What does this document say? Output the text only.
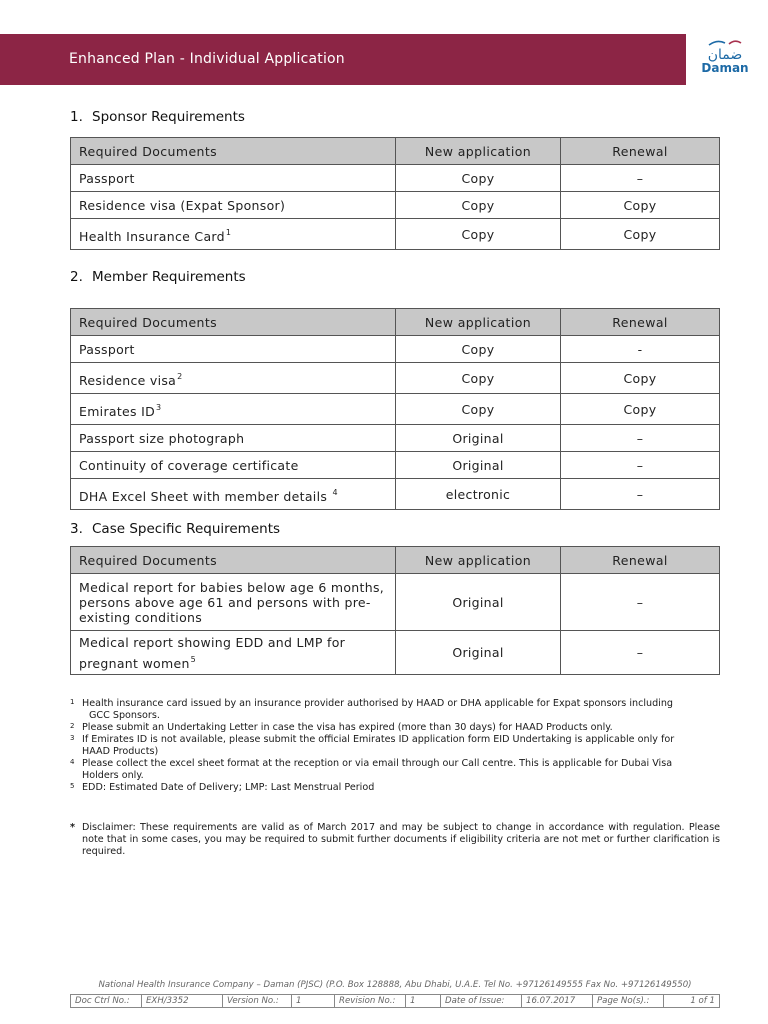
Enhanced Plan - Individual Application	ضمان
Daman
1. Sponsor Requirements
Required Documents	New application	Renewal
Passport	Copy	–
Residence visa (Expat Sponsor)	Copy	Copy
Health Insurance Card$^1$	Copy	Copy
2. Member Requirements
Required Documents	New application	Renewal
Passport	Copy	-
Residence visa$^2$	Copy	Copy
Emirates $ID^3$	Copy	Copy
Passport size photograph	Original	–
Continuity of coverage certificate	Original	–
DHA Excel Sheet with member details $^4$	electronic	–
3. Case Specific Requirements
Required Documents	New application	Renewal
Medical report for babies below age 6 months, persons above age 61 and persons with pre-existing conditions	Original	–
Medical report showing EDD and LMP for pregnant women$^5$	Original	–
1 Health insurance card issued by an insurance provider authorised by HAAD or DHA applicable for Expat sponsors including
GCC Sponsors.
2 Please submit an Undertaking Letter in case the visa has expired (more than 30 days) for HAAD Products only.
3 If Emirates ID is not available, please submit the official Emirates ID application form EID Undertaking is applicable only for
HAAD Products)
4 Please collect the excel sheet format at the reception or via email through our Call centre. This is applicable for Dubai Visa
Holders only.
5 EDD: Estimated Date of Delivery; LMP: Last Menstrual Period
* Disclaimer: These requirements are valid as of March 2017 and may be subject to change in accordance with regulation. Please note that in some cases, you may be required to submit further documents if eligibility criteria are not met or further clarification is required.
National Health Insurance Company – Daman (PJSC) (P.O. Box 128888, Abu Dhabi, U.A.E. Tel No. +97126149555 Fax No. +97126149550)
Doc Ctrl No.:	EXH/3352	Version No.:	1	Revision No.:	1	Date of Issue:	16.07.2017	Page No(s).:	1 of 1
